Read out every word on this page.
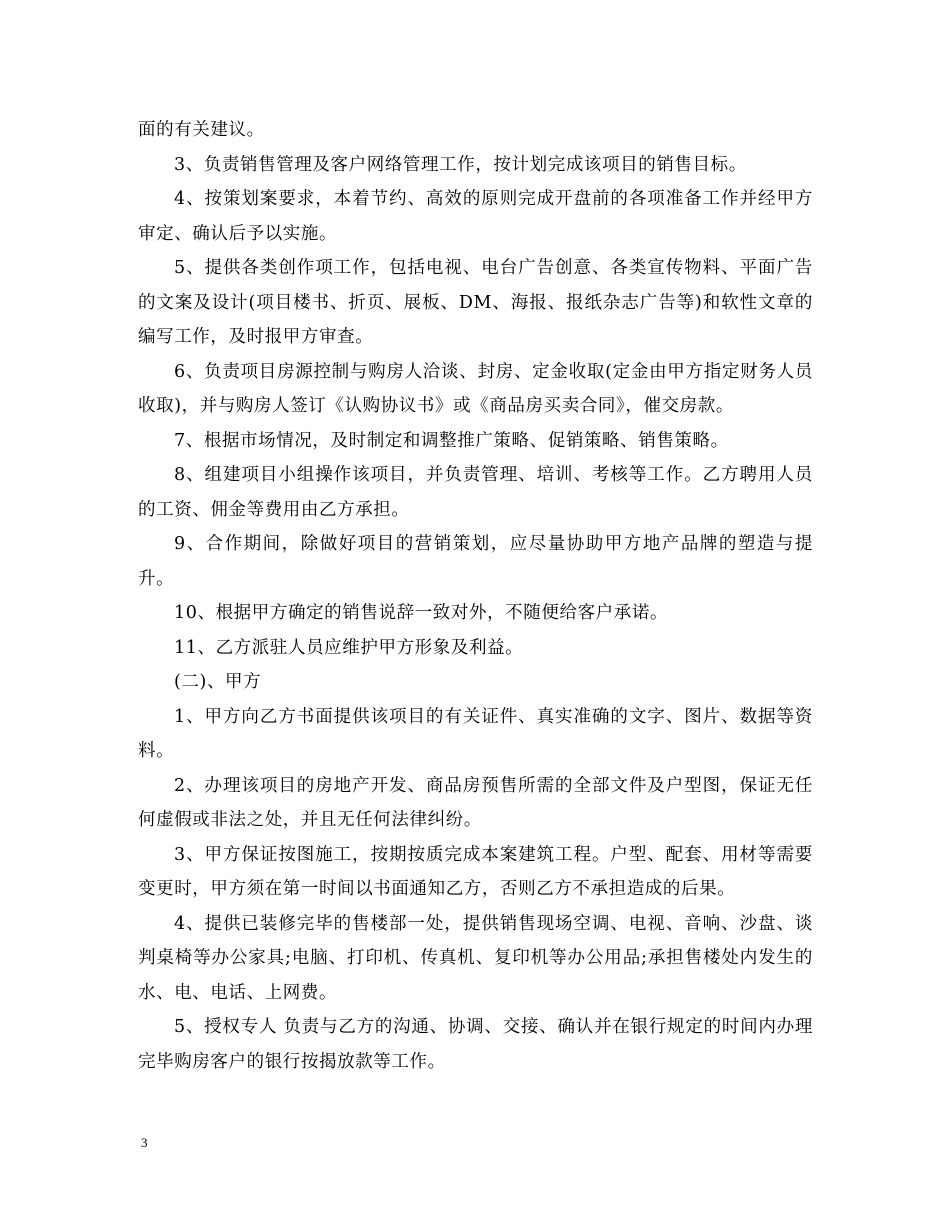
面的有关建议。

3、负责销售管理及客户网络管理工作，按计划完成该项目的销售目标。

4、按策划案要求，本着节约、高效的原则完成开盘前的各项准备工作并经甲方审定、确认后予以实施。

5、提供各类创作项工作，包括电视、电台广告创意、各类宣传物料、平面广告的文案及设计(项目楼书、折页、展板、DM、海报、报纸杂志广告等)和软性文章的编写工作，及时报甲方审查。

6、负责项目房源控制与购房人洽谈、封房、定金收取(定金由甲方指定财务人员收取)，并与购房人签订《认购协议书》或《商品房买卖合同》，催交房款。

7、根据市场情况，及时制定和调整推广策略、促销策略、销售策略。

8、组建项目小组操作该项目，并负责管理、培训、考核等工作。乙方聘用人员的工资、佣金等费用由乙方承担。

9、合作期间，除做好项目的营销策划，应尽量协助甲方地产品牌的塑造与提升。

10、根据甲方确定的销售说辞一致对外，不随便给客户承诺。

11、乙方派驻人员应维护甲方形象及利益。

(二)、甲方

1、甲方向乙方书面提供该项目的有关证件、真实准确的文字、图片、数据等资料。

2、办理该项目的房地产开发、商品房预售所需的全部文件及户型图，保证无任何虚假或非法之处，并且无任何法律纠纷。

3、甲方保证按图施工，按期按质完成本案建筑工程。户型、配套、用材等需要变更时，甲方须在第一时间以书面通知乙方，否则乙方不承担造成的后果。

4、提供已装修完毕的售楼部一处，提供销售现场空调、电视、音响、沙盘、谈判桌椅等办公家具;电脑、打印机、传真机、复印机等办公用品;承担售楼处内发生的水、电、电话、上网费。

5、授权专人 负责与乙方的沟通、协调、交接、确认并在银行规定的时间内办理完毕购房客户的银行按揭放款等工作。

3
